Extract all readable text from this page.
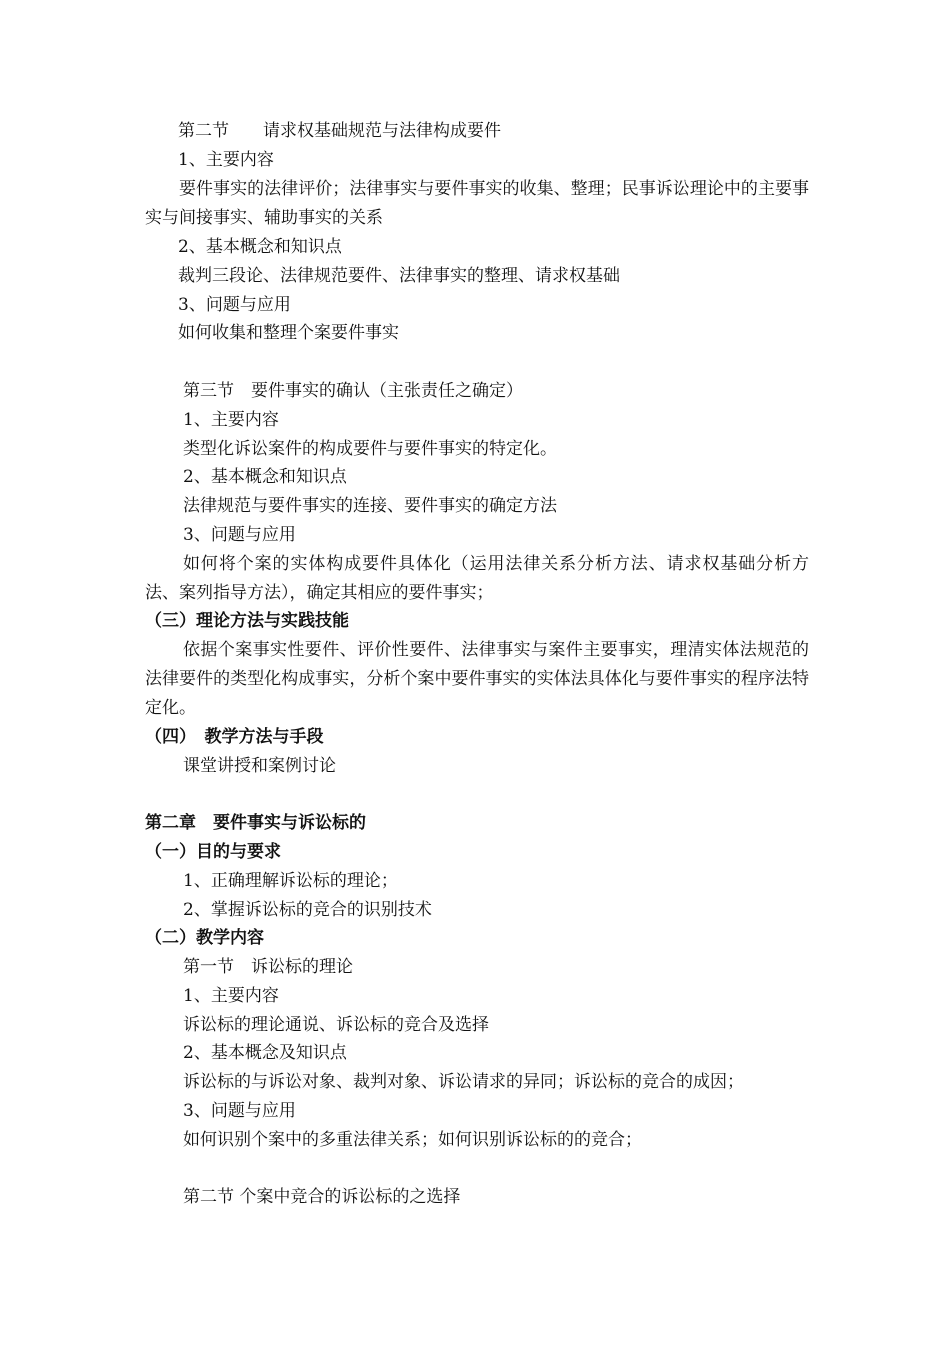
第二节　　请求权基础规范与法律构成要件
1、主要内容
要件事实的法律评价；法律事实与要件事实的收集、整理；民事诉讼理论中的主要事实与间接事实、辅助事实的关系
2、基本概念和知识点
裁判三段论、法律规范要件、法律事实的整理、请求权基础
3、问题与应用
如何收集和整理个案要件事实
第三节　要件事实的确认（主张责任之确定）
1、主要内容
类型化诉讼案件的构成要件与要件事实的特定化。
2、基本概念和知识点
法律规范与要件事实的连接、要件事实的确定方法
3、问题与应用
如何将个案的实体构成要件具体化（运用法律关系分析方法、请求权基础分析方法、案列指导方法），确定其相应的要件事实；
（三）理论方法与实践技能
依据个案事实性要件、评价性要件、法律事实与案件主要事实，理清实体法规范的法律要件的类型化构成事实，分析个案中要件事实的实体法具体化与要件事实的程序法特定化。
（四）　教学方法与手段
课堂讲授和案例讨论
第二章　要件事实与诉讼标的
（一）目的与要求
1、正确理解诉讼标的理论；
2、掌握诉讼标的竞合的识别技术
（二）教学内容
第一节　诉讼标的理论
1、主要内容
诉讼标的理论通说、诉讼标的竞合及选择
2、基本概念及知识点
诉讼标的与诉讼对象、裁判对象、诉讼请求的异同；诉讼标的竞合的成因；
3、问题与应用
如何识别个案中的多重法律关系；如何识别诉讼标的的竞合；
第二节 个案中竞合的诉讼标的之选择
